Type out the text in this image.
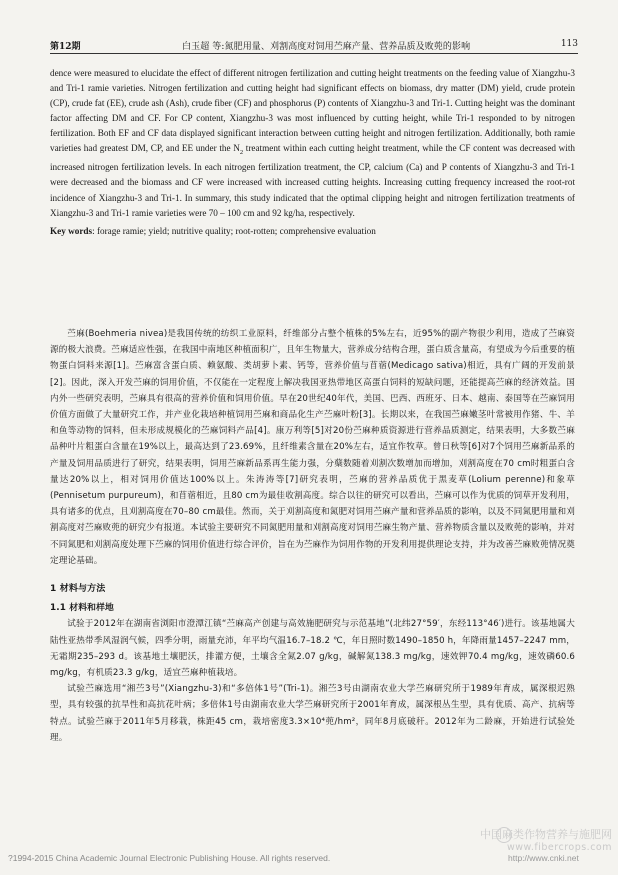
第12期	白玉超 等:氮肥用量、刈割高度对饲用苎麻产量、营养品质及败蔸的影响	113

dence were measured to elucidate the effect of different nitrogen fertilization and cutting height treatments on the feeding value of Xiangzhu-3 and Tri-1 ramie varieties. Nitrogen fertilization and cutting height had significant effects on biomass, dry matter (DM) yield, crude protein (CP), crude fat (EE), crude ash (Ash), crude fiber (CF) and phosphorus (P) contents of Xiangzhu-3 and Tri-1. Cutting height was the dominant factor affecting DM and CF. For CP content, Xiangzhu-3 was most influenced by cutting height, while Tri-1 responded to by nitrogen fertilization. Both EF and CF data displayed significant interaction between cutting height and nitrogen fertilization. Additionally, both ramie varieties had greatest DM, CP, and EE under the $N_2$ treatment within each cutting height treatment, while the CF content was decreased with increased nitrogen fertilization levels. In each nitrogen fertilization treatment, the CP, calcium (Ca) and P contents of Xiangzhu-3 and Tri-1 were decreased and the biomass and CF were increased with increased cutting heights. Increasing cutting frequency increased the root-rot incidence of Xiangzhu-3 and Tri-1. In summary, this study indicated that the optimal clipping height and nitrogen fertilization treatments of Xiangzhu-3 and Tri-1 ramie varieties were 70 – 100 cm and 92 kg/ha, respectively.

Key words: forage ramie; yield; nutritive quality; root-rotten; comprehensive evaluation

苎麻(Boehmeria nivea)是我国传统的纺织工业原料，纤维部分占整个植株的5%左右，近95%的副产物很少利用，造成了苎麻资源的极大浪费。苎麻适应性强，在我国中南地区种植面积广，且年生物量大，营养成分结构合理，蛋白质含量高，有望成为今后重要的植物蛋白饲料来源[1]。苎麻富含蛋白质、赖氨酸、类胡萝卜素、钙等，营养价值与苜蓿(Medicago sativa)相近，具有广阔的开发前景[2]。因此，深入开发苎麻的饲用价值，不仅能在一定程度上解决我国亚热带地区高蛋白饲料的短缺问题，还能提高苎麻的经济效益。国内外一些研究表明，苎麻具有很高的营养价值和饲用价值。早在20世纪40年代，美国、巴西、西班牙、日本、越南、泰国等在苎麻饲用价值方面做了大量研究工作，并产业化栽培种植饲用苎麻和商品化生产苎麻叶粉[3]。长期以来，在我国苎麻嫩茎叶常被用作猪、牛、羊和鱼等动物的饲料，但未形成规模化的苎麻饲料产品[4]。康万利等[5]对20份苎麻种质资源进行营养品质测定，结果表明，大多数苎麻品种叶片粗蛋白含量在19%以上，最高达到了23.69%，且纤维素含量在20%左右，适宜作牧草。曾日秋等[6]对7个饲用苎麻新品系的产量及饲用品质进行了研究，结果表明，饲用苎麻新品系再生能力强，分蘖数随着刈割次数增加而增加，刈割高度在70 cm时粗蛋白含量达20%以上，相对饲用价值达100%以上。朱涛涛等[7]研究表明，苎麻的营养品质优于黑麦草(Lolium perenne)和象草(Pennisetum purpureum)，和苜蓿相近，且80 cm为最佳收割高度。综合以往的研究可以看出，苎麻可以作为优质的饲草开发利用，具有诸多的优点，且刈割高度在70–80 cm最佳。然而，关于刈割高度和氮肥对饲用苎麻产量和营养品质的影响，以及不同氮肥用量和刈割高度对苎麻败蔸的研究少有报道。本试验主要研究不同氮肥用量和刈割高度对饲用苎麻生物产量、营养物质含量以及败蔸的影响，并对不同氮肥和刈割高度处理下苎麻的饲用价值进行综合评价，旨在为苎麻作为饲用作物的开发利用提供理论支持，并为改善苎麻败蔸情况奠定理论基础。

1 材料与方法

1.1 材料和样地

试验于2012年在湖南省浏阳市澄潭江镇“苎麻高产创建与高效施肥研究与示范基地”(北纬27°59′，东经113°46′)进行。该基地属大陆性亚热带季风湿润气候，四季分明，雨量充沛，年平均气温16.7–18.2 ℃，年日照时数1490–1850 h，年降雨量1457–2247 mm，无霜期235–293 d。该基地土壤肥沃，排灌方便，土壤含全氮2.07 g/kg，碱解氮138.3 mg/kg，速效钾70.4 mg/kg，速效磷60.6 mg/kg，有机质23.3 g/kg，适宜苎麻种植栽培。

试验苎麻选用“湘苎3号”(Xiangzhu-3)和“多倍体1号”(Tri-1)。湘苎3号由湖南农业大学苎麻研究所于1989年育成，属深根迟熟型，具有较强的抗旱性和高抗花叶病；多倍体1号由湖南农业大学苎麻研究所于2001年育成，属深根丛生型，具有优质、高产、抗病等特点。试验苎麻于2011年5月移栽，株距45 cm，栽培密度3.3×10⁴蔸/hm²，同年8月底破秆。2012年为二龄麻，开始进行试验处理。

中国麻类作物营养与施肥网
www.fibercrops.com
?1994-2015 China Academic Journal Electronic Publishing House. All rights reserved.	http://www.cnki.net
